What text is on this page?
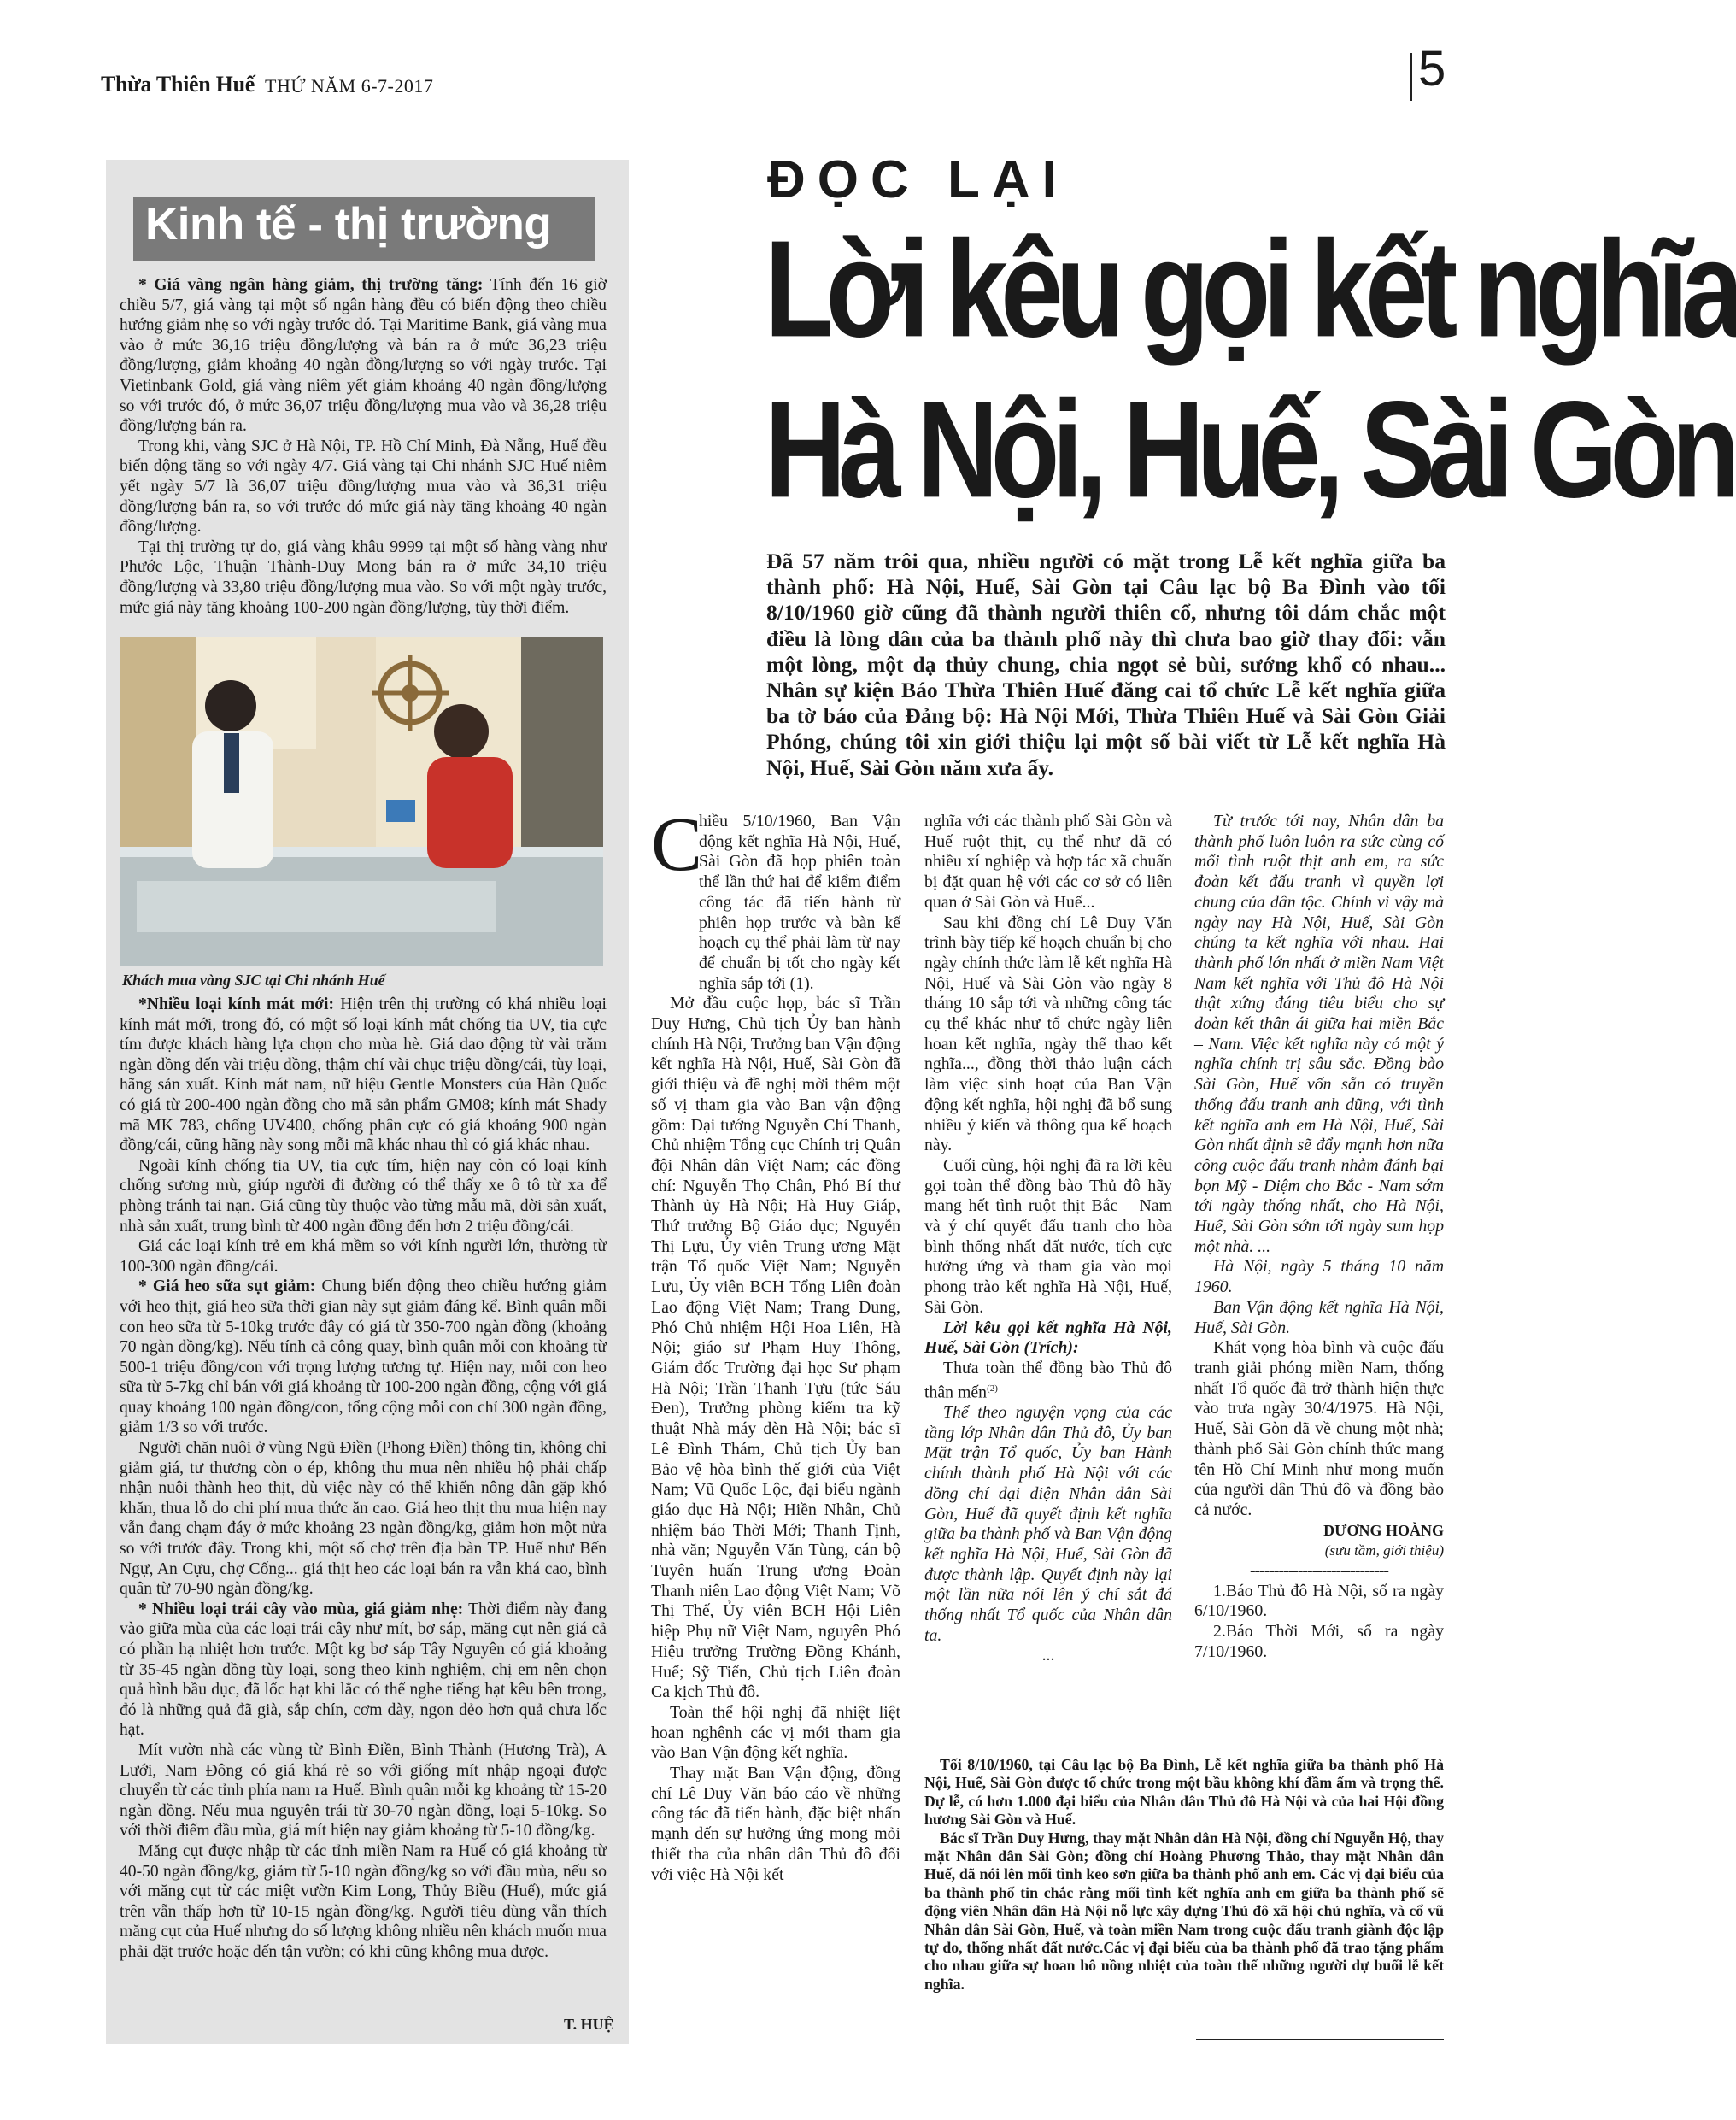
Thừa Thiên Huế THỨ NĂM 6-7-2017	5
Kinh tế - thị trường

* Giá vàng ngân hàng giảm, thị trường tăng: Tính đến 16 giờ chiều 5/7, giá vàng tại một số ngân hàng đều có biến động theo chiều hướng giảm nhẹ so với ngày trước đó. Tại Maritime Bank, giá vàng mua vào ở mức 36,16 triệu đồng/lượng và bán ra ở mức 36,23 triệu đồng/lượng, giảm khoảng 40 ngàn đồng/lượng so với ngày trước. Tại Vietinbank Gold, giá vàng niêm yết giảm khoảng 40 ngàn đồng/lượng so với trước đó, ở mức 36,07 triệu đồng/lượng mua vào và 36,28 triệu đồng/lượng bán ra.

Trong khi, vàng SJC ở Hà Nội, TP. Hồ Chí Minh, Đà Nẵng, Huế đều biến động tăng so với ngày 4/7. Giá vàng tại Chi nhánh SJC Huế niêm yết ngày 5/7 là 36,07 triệu đồng/lượng mua vào và 36,31 triệu đồng/lượng bán ra, so với trước đó mức giá này tăng khoảng 40 ngàn đồng/lượng.

Tại thị trường tự do, giá vàng khâu 9999 tại một số hàng vàng như Phước Lộc, Thuận Thành-Duy Mong bán ra ở mức 34,10 triệu đồng/lượng và 33,80 triệu đồng/lượng mua vào. So với một ngày trước, mức giá này tăng khoảng 100-200 ngàn đồng/lượng, tùy thời điểm.

Khách mua vàng SJC tại Chi nhánh Huế

*Nhiều loại kính mát mới: Hiện trên thị trường có khá nhiều loại kính mát mới, trong đó, có một số loại kính mắt chống tia UV, tia cực tím được khách hàng lựa chọn cho mùa hè. Giá dao động từ vài trăm ngàn đồng đến vài triệu đồng, thậm chí vài chục triệu đồng/cái, tùy loại, hãng sản xuất. Kính mát nam, nữ hiệu Gentle Monsters của Hàn Quốc có giá từ 200-400 ngàn đồng cho mã sản phẩm GM08; kính mát Shady mã MK 783, chống UV400, chống phân cực có giá khoảng 900 ngàn đồng/cái, cũng hãng này song mỗi mã khác nhau thì có giá khác nhau.

Ngoài kính chống tia UV, tia cực tím, hiện nay còn có loại kính chống sương mù, giúp người đi đường có thể thấy xe ô tô từ xa để phòng tránh tai nạn. Giá cũng tùy thuộc vào từng mẫu mã, đời sản xuất, nhà sản xuất, trung bình từ 400 ngàn đồng đến hơn 2 triệu đồng/cái.

Giá các loại kính trẻ em khá mềm so với kính người lớn, thường từ 100-300 ngàn đồng/cái.

* Giá heo sữa sụt giảm: Chung biến động theo chiều hướng giảm với heo thịt, giá heo sữa thời gian này sụt giảm đáng kể. Bình quân mỗi con heo sữa từ 5-10kg trước đây có giá từ 350-700 ngàn đồng (khoảng 70 ngàn đồng/kg). Nếu tính cả công quay, bình quân mỗi con khoảng từ 500-1 triệu đồng/con với trọng lượng tương tự. Hiện nay, mỗi con heo sữa từ 5-7kg chỉ bán với giá khoảng từ 100-200 ngàn đồng, cộng với giá quay khoảng 100 ngàn đồng/con, tổng cộng mỗi con chỉ 300 ngàn đồng, giảm 1/3 so với trước.

Người chăn nuôi ở vùng Ngũ Điền (Phong Điền) thông tin, không chỉ giảm giá, tư thương còn o ép, không thu mua nên nhiều hộ phải chấp nhận nuôi thành heo thịt, dù việc này có thể khiến nông dân gặp khó khăn, thua lỗ do chi phí mua thức ăn cao. Giá heo thịt thu mua hiện nay vẫn đang chạm đáy ở mức khoảng 23 ngàn đồng/kg, giảm hơn một nửa so với trước đây. Trong khi, một số chợ trên địa bàn TP. Huế như Bến Ngự, An Cựu, chợ Cống... giá thịt heo các loại bán ra vẫn khá cao, bình quân từ 70-90 ngàn đồng/kg.

* Nhiều loại trái cây vào mùa, giá giảm nhẹ: Thời điểm này đang vào giữa mùa của các loại trái cây như mít, bơ sáp, măng cụt nên giá cả có phần hạ nhiệt hơn trước. Một kg bơ sáp Tây Nguyên có giá khoảng từ 35-45 ngàn đồng tùy loại, song theo kinh nghiệm, chị em nên chọn quả hình bầu dục, đã lốc hạt khi lắc có thể nghe tiếng hạt kêu bên trong, đó là những quả đã già, sắp chín, cơm dày, ngon dẻo hơn quả chưa lốc hạt.

Mít vườn nhà các vùng từ Bình Điền, Bình Thành (Hương Trà), A Lưới, Nam Đông có giá khá rẻ so với giống mít nhập ngoại được chuyển từ các tỉnh phía nam ra Huế. Bình quân mỗi kg khoảng từ 15-20 ngàn đồng. Nếu mua nguyên trái từ 30-70 ngàn đồng, loại 5-10kg. So với thời điểm đầu mùa, giá mít hiện nay giảm khoảng từ 5-10 đồng/kg.

Măng cụt được nhập từ các tỉnh miền Nam ra Huế có giá khoảng từ 40-50 ngàn đồng/kg, giảm từ 5-10 ngàn đồng/kg so với đầu mùa, nếu so với măng cụt từ các miệt vườn Kim Long, Thủy Biều (Huế), mức giá trên vẫn thấp hơn từ 10-15 ngàn đồng/kg. Người tiêu dùng vẫn thích măng cụt của Huế nhưng do số lượng không nhiều nên khách muốn mua phải đặt trước hoặc đến tận vườn; có khi cũng không mua được.

T. HUỆ
ĐỌC LẠI
Lời kêu gọi kết nghĩa
Hà Nội, Huế, Sài Gòn
Đã 57 năm trôi qua, nhiều người có mặt trong Lễ kết nghĩa giữa ba thành phố: Hà Nội, Huế, Sài Gòn tại Câu lạc bộ Ba Đình vào tối 8/10/1960 giờ cũng đã thành người thiên cổ, nhưng tôi dám chắc một điều là lòng dân của ba thành phố này thì chưa bao giờ thay đổi: vẫn một lòng, một dạ thủy chung, chia ngọt sẻ bùi, sướng khổ có nhau... Nhân sự kiện Báo Thừa Thiên Huế đăng cai tổ chức Lễ kết nghĩa giữa ba tờ báo của Đảng bộ: Hà Nội Mới, Thừa Thiên Huế và Sài Gòn Giải Phóng, chúng tôi xin giới thiệu lại một số bài viết từ Lễ kết nghĩa Hà Nội, Huế, Sài Gòn năm xưa ấy.
C

hiều 5/10/1960, Ban Vận động kết nghĩa Hà Nội, Huế, Sài Gòn đã họp phiên toàn thể lần thứ hai để kiểm điểm công tác đã tiến hành từ phiên họp trước và bàn kế hoạch cụ thể phải làm từ nay để chuẩn bị tốt cho ngày kết nghĩa sắp tới (1).

Mở đầu cuộc họp, bác sĩ Trần Duy Hưng, Chủ tịch Ủy ban hành chính Hà Nội, Trưởng ban Vận động kết nghĩa Hà Nội, Huế, Sài Gòn đã giới thiệu và đề nghị mời thêm một số vị tham gia vào Ban vận động gồm: Đại tướng Nguyễn Chí Thanh, Chủ nhiệm Tổng cục Chính trị Quân đội Nhân dân Việt Nam; các đồng chí: Nguyễn Thọ Chân, Phó Bí thư Thành ủy Hà Nội; Hà Huy Giáp, Thứ trưởng Bộ Giáo dục; Nguyễn Thị Lựu, Ủy viên Trung ương Mặt trận Tổ quốc Việt Nam; Nguyễn Lưu, Ủy viên BCH Tổng Liên đoàn Lao động Việt Nam; Trang Dung, Phó Chủ nhiệm Hội Hoa Liên, Hà Nội; giáo sư Phạm Huy Thông, Giám đốc Trường đại học Sư phạm Hà Nội; Trần Thanh Tựu (tức Sáu Đen), Trưởng phòng kiểm tra kỹ thuật Nhà máy đèn Hà Nội; bác sĩ Lê Đình Thám, Chủ tịch Ủy ban Bảo vệ hòa bình thế giới của Việt Nam; Vũ Quốc Lộc, đại biểu ngành giáo dục Hà Nội; Hiền Nhân, Chủ nhiệm báo Thời Mới; Thanh Tịnh, nhà văn; Nguyễn Văn Tùng, cán bộ Tuyên huấn Trung ương Đoàn Thanh niên Lao động Việt Nam; Võ Thị Thế, Ủy viên BCH Hội Liên hiệp Phụ nữ Việt Nam, nguyên Phó Hiệu trưởng Trường Đồng Khánh, Huế; Sỹ Tiến, Chủ tịch Liên đoàn Ca kịch Thủ đô.

Toàn thể hội nghị đã nhiệt liệt hoan nghênh các vị mới tham gia vào Ban Vận động kết nghĩa.

Thay mặt Ban Vận động, đồng chí Lê Duy Văn báo cáo về những công tác đã tiến hành, đặc biệt nhấn mạnh đến sự hưởng ứng mong mỏi thiết tha của nhân dân Thủ đô đối với việc Hà Nội kết

nghĩa với các thành phố Sài Gòn và Huế ruột thịt, cụ thể như đã có nhiều xí nghiệp và hợp tác xã chuẩn bị đặt quan hệ với các cơ sở có liên quan ở Sài Gòn và Huế...

Sau khi đồng chí Lê Duy Văn trình bày tiếp kế hoạch chuẩn bị cho ngày chính thức làm lễ kết nghĩa Hà Nội, Huế và Sài Gòn vào ngày 8 tháng 10 sắp tới và những công tác cụ thể khác như tổ chức ngày liên hoan kết nghĩa, ngày thể thao kết nghĩa..., đồng thời thảo luận cách làm việc sinh hoạt của Ban Vận động kết nghĩa, hội nghị đã bổ sung nhiều ý kiến và thông qua kế hoạch này.

Cuối cùng, hội nghị đã ra lời kêu gọi toàn thể đồng bào Thủ đô hãy mang hết tình ruột thịt Bắc – Nam và ý chí quyết đấu tranh cho hòa bình thống nhất đất nước, tích cực hưởng ứng và tham gia vào mọi phong trào kết nghĩa Hà Nội, Huế, Sài Gòn.

Lời kêu gọi kết nghĩa Hà Nội, Huế, Sài Gòn (Trích):

Thưa toàn thể đồng bào Thủ đô thân mến$^{(2)}$

Thể theo nguyện vọng của các tầng lớp Nhân dân Thủ đô, Ủy ban Mặt trận Tổ quốc, Ủy ban Hành chính thành phố Hà Nội với các đồng chí đại diện Nhân dân Sài Gòn, Huế đã quyết định kết nghĩa giữa ba thành phố và Ban Vận động kết nghĩa Hà Nội, Huế, Sài Gòn đã được thành lập. Quyết định này lại một lần nữa nói lên ý chí sắt đá thống nhất Tổ quốc của Nhân dân ta.

...

Từ trước tới nay, Nhân dân ba thành phố luôn luôn ra sức cùng cố mối tình ruột thịt anh em, ra sức đoàn kết đấu tranh vì quyền lợi chung của dân tộc. Chính vì vậy mà ngày nay Hà Nội, Huế, Sài Gòn chúng ta kết nghĩa với nhau. Hai thành phố lớn nhất ở miền Nam Việt Nam kết nghĩa với Thủ đô Hà Nội thật xứng đáng tiêu biểu cho sự đoàn kết thân ái giữa hai miền Bắc – Nam. Việc kết nghĩa này có một ý nghĩa chính trị sâu sắc. Đồng bào Sài Gòn, Huế vốn sẵn có truyền thống đấu tranh anh dũng, với tình kết nghĩa anh em Hà Nội, Huế, Sài Gòn nhất định sẽ đẩy mạnh hơn nữa công cuộc đấu tranh nhằm đánh bại bọn Mỹ - Diệm cho Bắc - Nam sớm tới ngày thống nhất, cho Hà Nội, Huế, Sài Gòn sớm tới ngày sum họp một nhà. ...

Hà Nội, ngày 5 tháng 10 năm 1960.

Ban Vận động kết nghĩa Hà Nội, Huế, Sài Gòn.

Khát vọng hòa bình và cuộc đấu tranh giải phóng miền Nam, thống nhất Tổ quốc đã trở thành hiện thực vào trưa ngày 30/4/1975. Hà Nội, Huế, Sài Gòn đã về chung một nhà; thành phố Sài Gòn chính thức mang tên Hồ Chí Minh như mong muốn của người dân Thủ đô và đồng bào cả nước.

DƯƠNG HOÀNG

(sưu tầm, giới thiệu)

-----------------------------

1.Báo Thủ đô Hà Nội, số ra ngày 6/10/1960.

2.Báo Thời Mới, số ra ngày 7/10/1960.

Tối 8/10/1960, tại Câu lạc bộ Ba Đình, Lễ kết nghĩa giữa ba thành phố Hà Nội, Huế, Sài Gòn được tổ chức trong một bầu không khí đầm ấm và trọng thể. Dự lễ, có hơn 1.000 đại biểu của Nhân dân Thủ đô Hà Nội và của hai Hội đồng hương Sài Gòn và Huế.

Bác sĩ Trần Duy Hưng, thay mặt Nhân dân Hà Nội, đồng chí Nguyễn Hộ, thay mặt Nhân dân Sài Gòn; đồng chí Hoàng Phương Thảo, thay mặt Nhân dân Huế, đã nói lên mối tình keo sơn giữa ba thành phố anh em. Các vị đại biểu của ba thành phố tin chắc rằng mối tình kết nghĩa anh em giữa ba thành phố sẽ động viên Nhân dân Hà Nội nỗ lực xây dựng Thủ đô xã hội chủ nghĩa, và cổ vũ Nhân dân Sài Gòn, Huế, và toàn miền Nam trong cuộc đấu tranh giành độc lập tự do, thống nhất đất nước.Các vị đại biểu của ba thành phố đã trao tặng phẩm cho nhau giữa sự hoan hô nồng nhiệt của toàn thể những người dự buổi lễ kết nghĩa.
